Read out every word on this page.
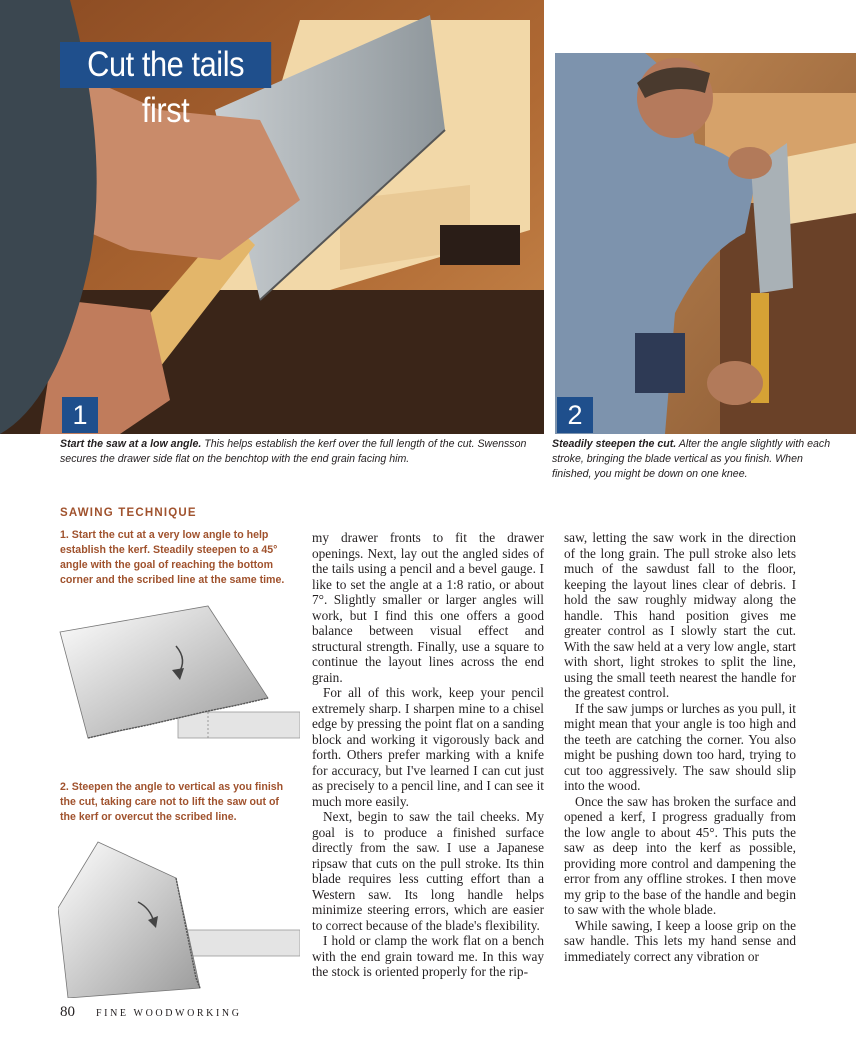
Cut the tails first
1	2
Start the saw at a low angle. This helps establish the kerf over the full length of the cut. Swensson secures the drawer side flat on the benchtop with the end grain facing him.
Steadily steepen the cut. Alter the angle slightly with each stroke, bringing the blade vertical as you finish. When finished, you might be down on one knee.
SAWING TECHNIQUE
1. Start the cut at a very low angle to help establish the kerf. Steadily steepen to a 45° angle with the goal of reaching the bottom corner and the scribed line at the same time.
2. Steepen the angle to vertical as you finish the cut, taking care not to lift the saw out of the kerf or overcut the scribed line.

my drawer fronts to fit the drawer openings. Next, lay out the angled sides of the tails using a pencil and a bevel gauge. I like to set the angle at a 1:8 ratio, or about 7°. Slightly smaller or larger angles will work, but I find this one offers a good balance between visual effect and structural strength. Finally, use a square to continue the layout lines across the end grain.

For all of this work, keep your pencil extremely sharp. I sharpen mine to a chisel edge by pressing the point flat on a sanding block and working it vigorously back and forth. Others prefer marking with a knife for accuracy, but I've learned I can cut just as precisely to a pencil line, and I can see it much more easily.

Next, begin to saw the tail cheeks. My goal is to produce a finished surface directly from the saw. I use a Japanese ripsaw that cuts on the pull stroke. Its thin blade requires less cutting effort than a Western saw. Its long handle helps minimize steering errors, which are easier to correct because of the blade's flexibility.

I hold or clamp the work flat on a bench with the end grain toward me. In this way the stock is oriented properly for the rip-

saw, letting the saw work in the direction of the long grain. The pull stroke also lets much of the sawdust fall to the floor, keeping the layout lines clear of debris. I hold the saw roughly midway along the handle. This hand position gives me greater control as I slowly start the cut. With the saw held at a very low angle, start with short, light strokes to split the line, using the small teeth nearest the handle for the greatest control.

If the saw jumps or lurches as you pull, it might mean that your angle is too high and the teeth are catching the corner. You also might be pushing down too hard, trying to cut too aggressively. The saw should slip into the wood.

Once the saw has broken the surface and opened a kerf, I progress gradually from the low angle to about 45°. This puts the saw as deep into the kerf as possible, providing more control and dampening the error from any offline strokes. I then move my grip to the base of the handle and begin to saw with the whole blade.

While sawing, I keep a loose grip on the saw handle. This lets my hand sense and immediately correct any vibration or

80 FINE WOODWORKING
